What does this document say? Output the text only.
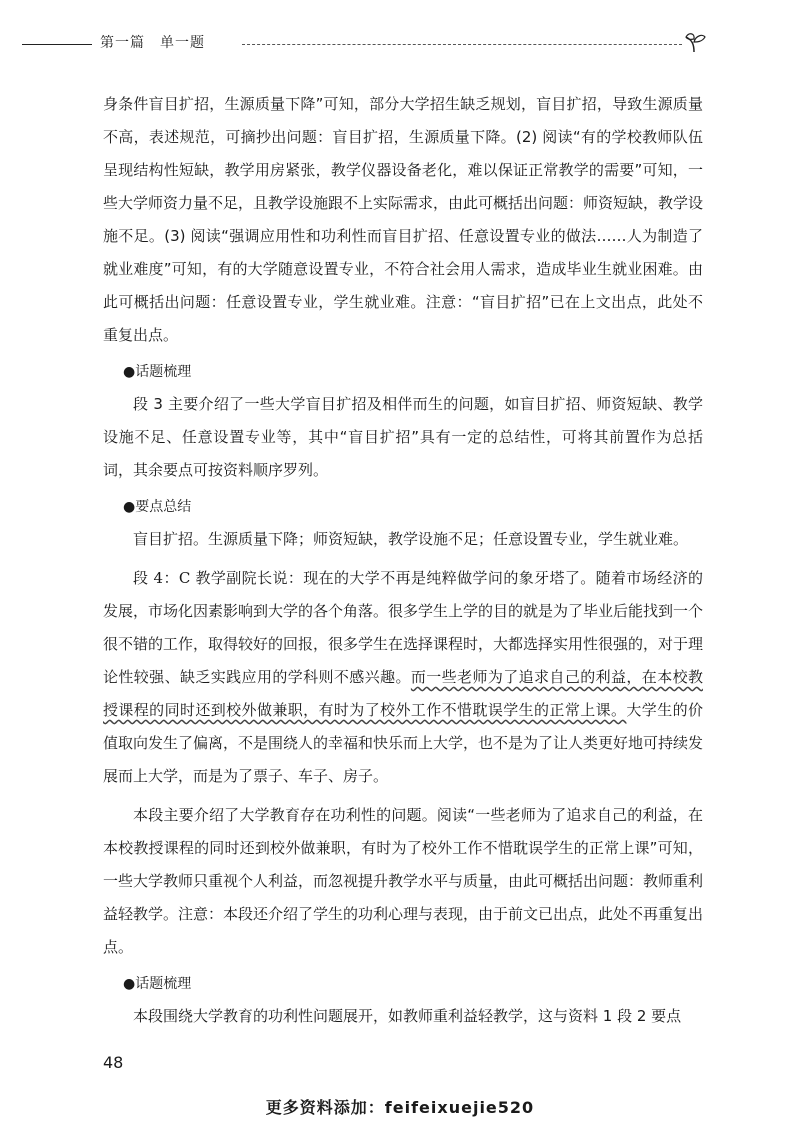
第一篇　单一题

身条件盲目扩招，生源质量下降”可知，部分大学招生缺乏规划，盲目扩招，导致生源质量不高，表述规范，可摘抄出问题：盲目扩招，生源质量下降。(2) 阅读“有的学校教师队伍呈现结构性短缺，教学用房紧张，教学仪器设备老化，难以保证正常教学的需要”可知，一些大学师资力量不足，且教学设施跟不上实际需求，由此可概括出问题：师资短缺，教学设施不足。(3) 阅读“强调应用性和功利性而盲目扩招、任意设置专业的做法……人为制造了就业难度”可知，有的大学随意设置专业，不符合社会用人需求，造成毕业生就业困难。由此可概括出问题：任意设置专业，学生就业难。注意：“盲目扩招”已在上文出点，此处不重复出点。

●话题梳理

段 3 主要介绍了一些大学盲目扩招及相伴而生的问题，如盲目扩招、师资短缺、教学设施不足、任意设置专业等，其中“盲目扩招”具有一定的总结性，可将其前置作为总括词，其余要点可按资料顺序罗列。

●要点总结

盲目扩招。生源质量下降；师资短缺，教学设施不足；任意设置专业，学生就业难。

段 4：C 教学副院长说：现在的大学不再是纯粹做学问的象牙塔了。随着市场经济的发展，市场化因素影响到大学的各个角落。很多学生上学的目的就是为了毕业后能找到一个很不错的工作，取得较好的回报，很多学生在选择课程时，大都选择实用性很强的，对于理论性较强、缺乏实践应用的学科则不感兴趣。而一些老师为了追求自己的利益，在本校教授课程的同时还到校外做兼职，有时为了校外工作不惜耽误学生的正常上课。大学生的价值取向发生了偏离，不是围绕人的幸福和快乐而上大学，也不是为了让人类更好地可持续发展而上大学，而是为了票子、车子、房子。

本段主要介绍了大学教育存在功利性的问题。阅读“一些老师为了追求自己的利益，在本校教授课程的同时还到校外做兼职，有时为了校外工作不惜耽误学生的正常上课”可知，一些大学教师只重视个人利益，而忽视提升教学水平与质量，由此可概括出问题：教师重利益轻教学。注意：本段还介绍了学生的功利心理与表现，由于前文已出点，此处不再重复出点。

●话题梳理

本段围绕大学教育的功利性问题展开，如教师重利益轻教学，这与资料 1 段 2 要点

48
更多资料添加：feifeixuejie520
